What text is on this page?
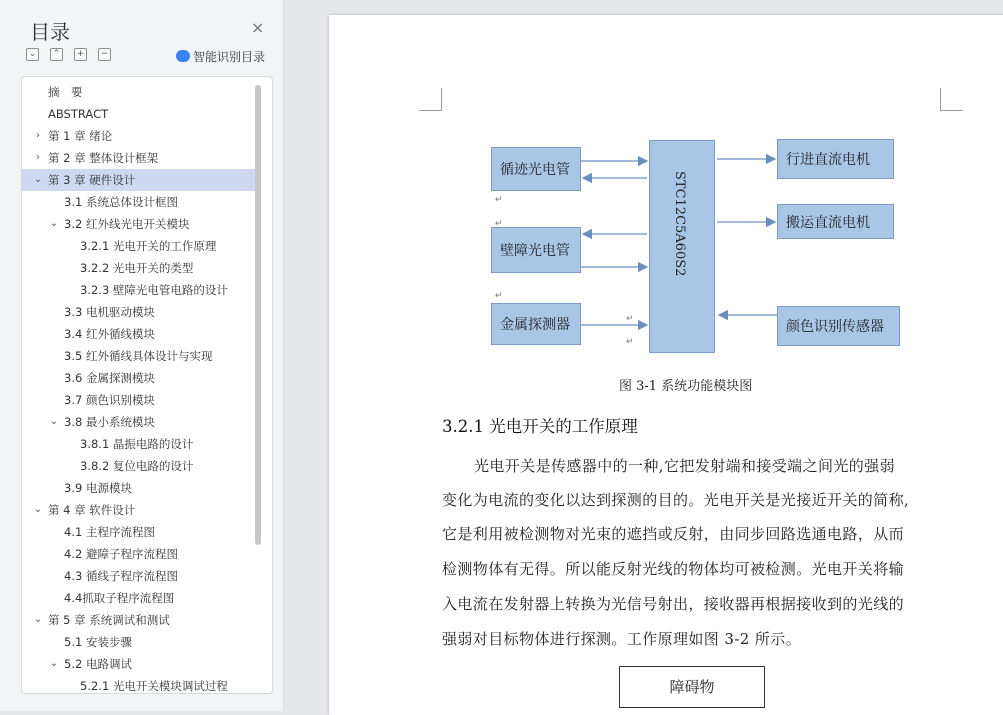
目录	×
⌄	⌃	+	−	智能识别目录
摘　要
ABSTRACT
› 第 1 章 绪论
› 第 2 章 整体设计框架
⌄ 第 3 章 硬件设计
3.1 系统总体设计框图
⌄ 3.2 红外线光电开关模块
3.2.1 光电开关的工作原理
3.2.2 光电开关的类型
3.2.3 壁障光电管电路的设计
3.3 电机驱动模块
3.4 红外循线模块
3.5 红外循线具体设计与实现
3.6 金属探测模块
3.7 颜色识别模块
⌄ 3.8 最小系统模块
3.8.1 晶振电路的设计
3.8.2 复位电路的设计
3.9 电源模块
⌄ 第 4 章 软件设计
4.1 主程序流程图
4.2 避障子程序流程图
4.3 循线子程序流程图
4.4抓取子程序流程图
⌄ 第 5 章 系统调试和测试
5.1 安装步骤
⌄ 5.2 电路调试
5.2.1 光电开关模块调试过程
循迹光电管
壁障光电管
金属探测器
STC12C5A60S2
行进直流电机
搬运直流电机
颜色识别传感器
↵
↵
↵
↵
↵
图 3-1 系统功能模块图
3.2.1 光电开关的工作原理
光电开关是传感器中的一种,它把发射端和接受端之间光的强弱
变化为电流的变化以达到探测的目的。光电开关是光接近开关的简称,
它是利用被检测物对光束的遮挡或反射，由同步回路选通电路，从而
检测物体有无得。所以能反射光线的物体均可被检测。光电开关将输
入电流在发射器上转换为光信号射出，接收器再根据接收到的光线的
强弱对目标物体进行探测。工作原理如图 3-2 所示。
障碍物
